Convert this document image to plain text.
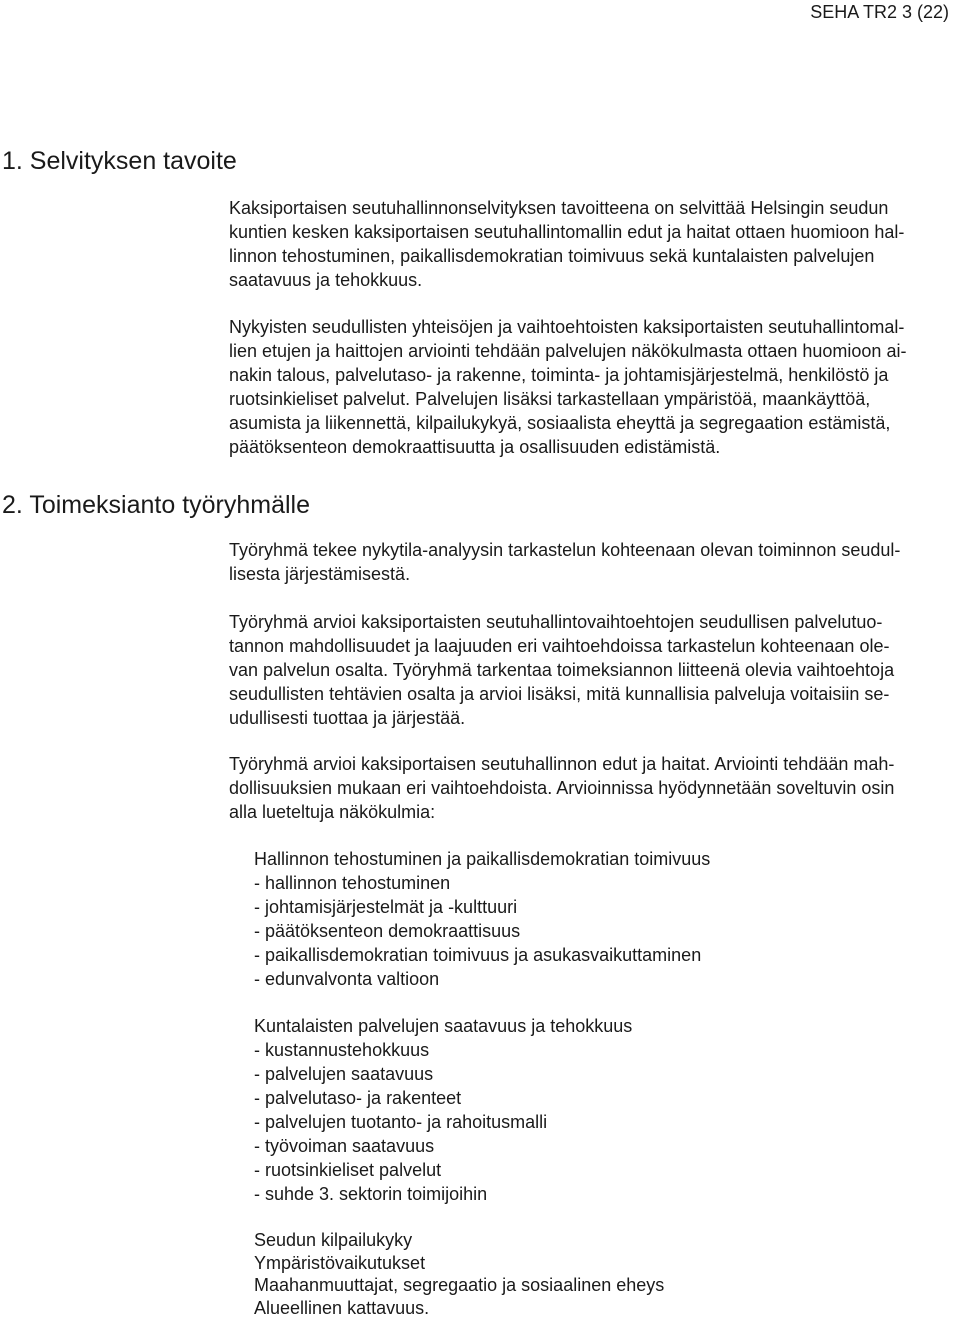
SEHA TR2 3 (22)
1. Selvityksen tavoite
Kaksiportaisen seutuhallinnonselvityksen tavoitteena on selvittää Helsingin seudun
kuntien kesken kaksiportaisen seutuhallintomallin edut ja haitat ottaen huomioon hal-
linnon tehostuminen, paikallisdemokratian toimivuus sekä kuntalaisten palvelujen
saatavuus ja tehokkuus.
Nykyisten seudullisten yhteisöjen ja vaihtoehtoisten kaksiportaisten seutuhallintomal-
lien etujen ja haittojen arviointi tehdään palvelujen näkökulmasta ottaen huomioon ai-
nakin talous, palvelutaso- ja rakenne, toiminta- ja johtamisjärjestelmä, henkilöstö ja
ruotsinkieliset palvelut. Palvelujen lisäksi tarkastellaan ympäristöä, maankäyttöä,
asumista ja liikennettä, kilpailukykyä, sosiaalista eheyttä ja segregaation estämistä,
päätöksenteon demokraattisuutta ja osallisuuden edistämistä.
2. Toimeksianto työryhmälle
Työryhmä tekee nykytila-analyysin tarkastelun kohteenaan olevan toiminnon seudul-
lisesta järjestämisestä.
Työryhmä arvioi kaksiportaisten seutuhallintovaihtoehtojen seudullisen palvelutuo-
tannon mahdollisuudet ja laajuuden eri vaihtoehdoissa tarkastelun kohteenaan ole-
van palvelun osalta. Työryhmä tarkentaa toimeksiannon liitteenä olevia vaihtoehtoja
seudullisten tehtävien osalta ja arvioi lisäksi, mitä kunnallisia palveluja voitaisiin se-
udullisesti tuottaa ja järjestää.
Työryhmä arvioi kaksiportaisen seutuhallinnon edut ja haitat. Arviointi tehdään mah-
dollisuuksien mukaan eri vaihtoehdoista. Arvioinnissa hyödynnetään soveltuvin osin
alla lueteltuja näkökulmia:
Hallinnon tehostuminen ja paikallisdemokratian toimivuus
- hallinnon tehostuminen
- johtamisjärjestelmät ja -kulttuuri
- päätöksenteon demokraattisuus
- paikallisdemokratian toimivuus ja asukasvaikuttaminen
- edunvalvonta valtioon
Kuntalaisten palvelujen saatavuus ja tehokkuus
- kustannustehokkuus
- palvelujen saatavuus
- palvelutaso- ja rakenteet
- palvelujen tuotanto- ja rahoitusmalli
- työvoiman saatavuus
- ruotsinkieliset palvelut
- suhde 3. sektorin toimijoihin
Seudun kilpailukyky
Ympäristövaikutukset
Maahanmuuttajat, segregaatio ja sosiaalinen eheys
Alueellinen kattavuus.
